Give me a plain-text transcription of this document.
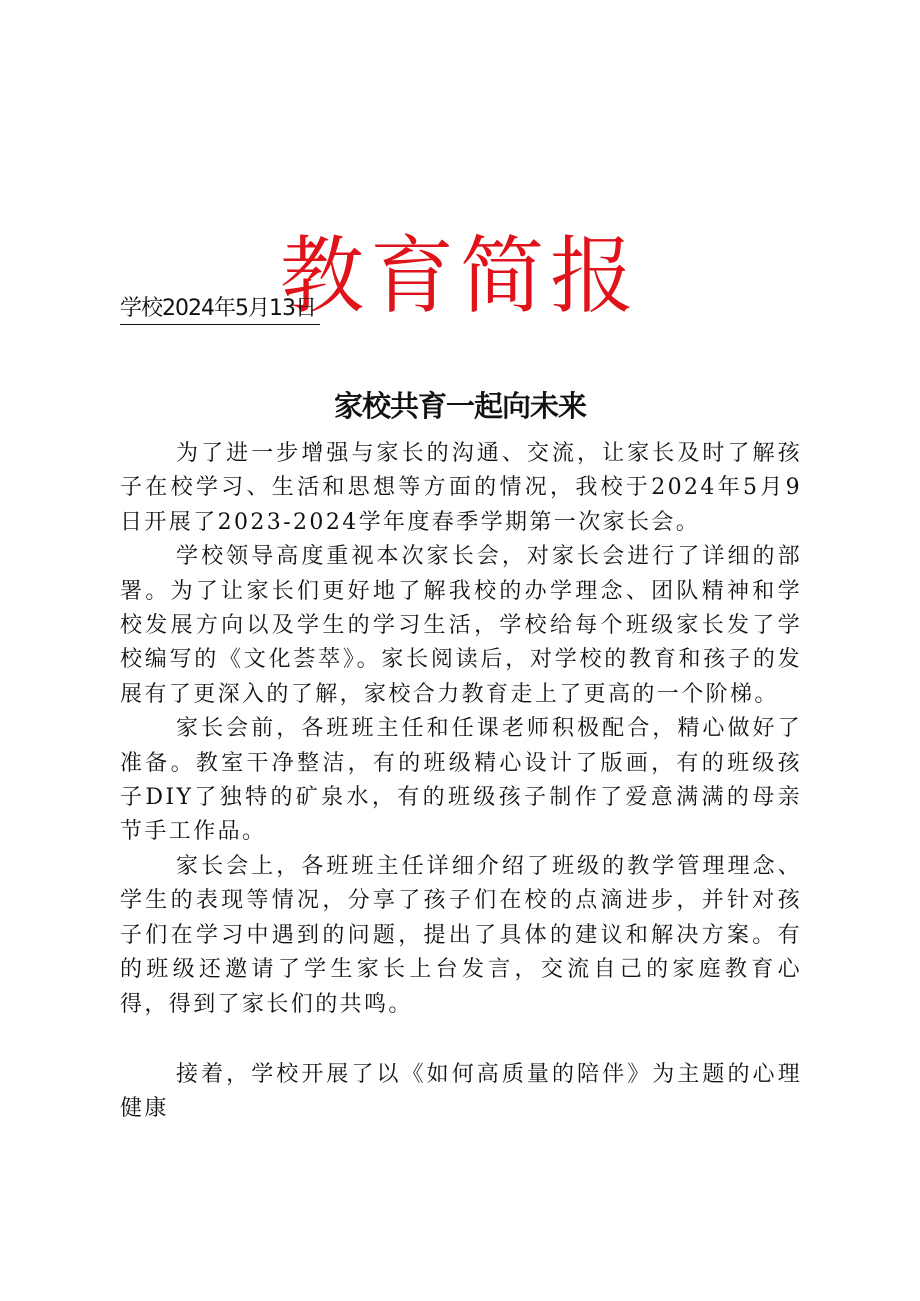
教育简报
学校2024年5月13日
家校共育一起向未来

为了进一步增强与家长的沟通、交流，让家长及时了解孩子在校学习、生活和思想等方面的情况，我校于2024年5月9日开展了2023-2024学年度春季学期第一次家长会。

学校领导高度重视本次家长会，对家长会进行了详细的部署。为了让家长们更好地了解我校的办学理念、团队精神和学校发展方向以及学生的学习生活，学校给每个班级家长发了学校编写的《文化荟萃》。家长阅读后，对学校的教育和孩子的发展有了更深入的了解，家校合力教育走上了更高的一个阶梯。

家长会前，各班班主任和任课老师积极配合，精心做好了准备。教室干净整洁，有的班级精心设计了版画，有的班级孩子DIY了独特的矿泉水，有的班级孩子制作了爱意满满的母亲节手工作品。

家长会上，各班班主任详细介绍了班级的教学管理理念、学生的表现等情况，分享了孩子们在校的点滴进步，并针对孩子们在学习中遇到的问题，提出了具体的建议和解决方案。有的班级还邀请了学生家长上台发言，交流自己的家庭教育心得，得到了家长们的共鸣。

接着，学校开展了以《如何高质量的陪伴》为主题的心理健康
